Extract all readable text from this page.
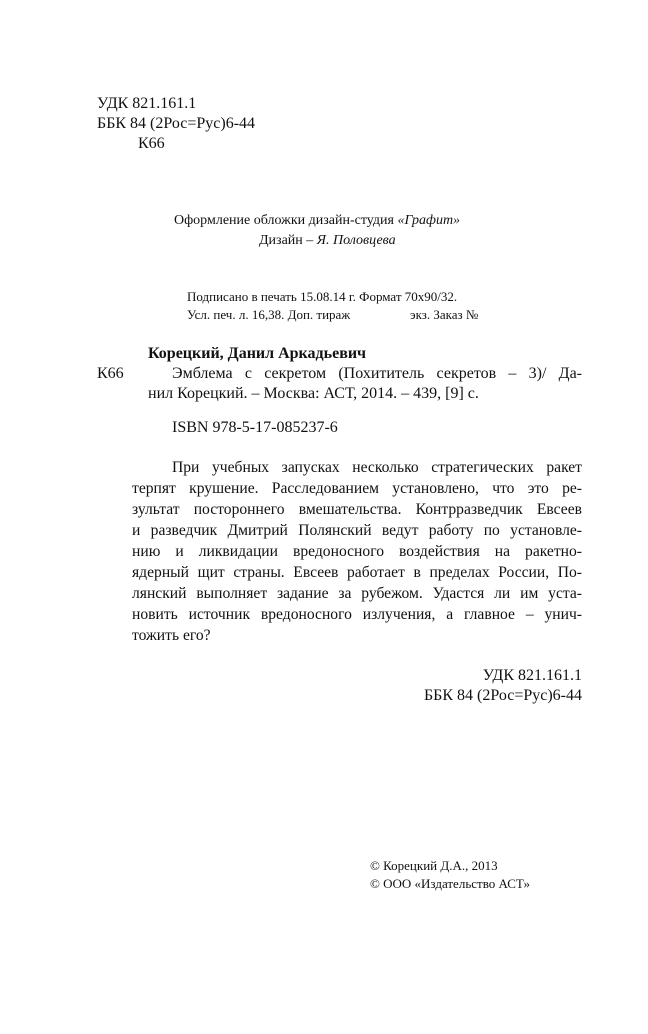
УДК 821.161.1
ББК 84 (2Рос=Рус)6-44
К66
Оформление обложки дизайн-студия «Графит»
Дизайн – Я. Половцева
Подписано в печать 15.08.14 г. Формат 70х90/32.
Усл. печ. л. 16,38. Доп. тираж	экз. Заказ №
Корецкий, Данил Аркадьевич
К66	Эмблема с секретом (Похититель секретов – 3)/ Да-
нил Корецкий. – Москва: АСТ, 2014. – 439, [9] с.
ISBN 978-5-17-085237-6
При учебных запусках несколько стратегических ракет
терпят крушение. Расследованием установлено, что это ре-
зультат постороннего вмешательства. Контрразведчик Евсеев
и разведчик Дмитрий Полянский ведут работу по установле-
нию и ликвидации вредоносного воздействия на ракетно-
ядерный щит страны. Евсеев работает в пределах России, По-
лянский выполняет задание за рубежом. Удастся ли им уста-
новить источник вредоносного излучения, а главное – унич-
тожить его?
УДК 821.161.1
ББК 84 (2Рос=Рус)6-44
© Корецкий Д.А., 2013
© ООО «Издательство АСТ»
